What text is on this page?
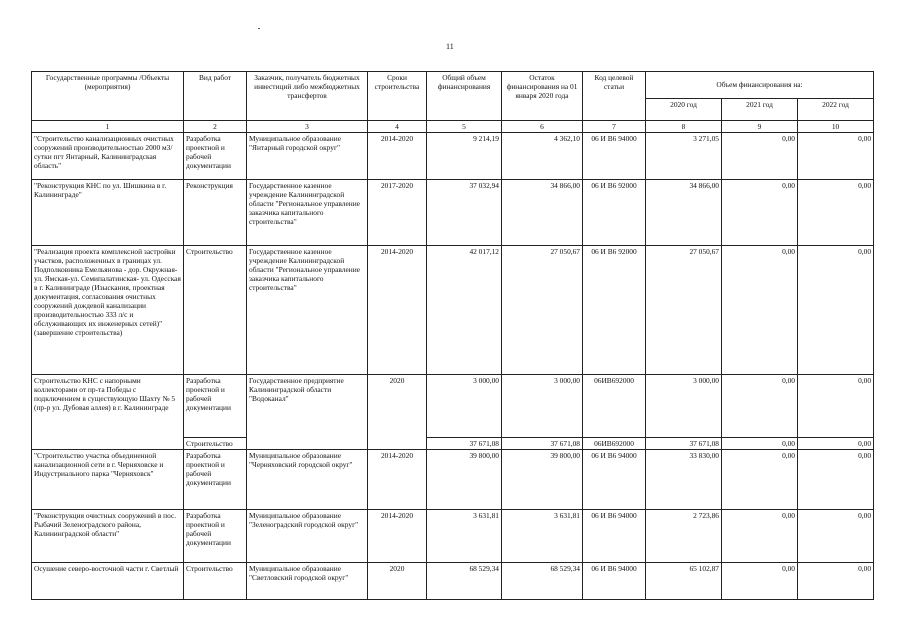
11
Государственные программы /Объекты (мероприятия)	Вид работ	Заказчик, получатель бюджетных инвестиций либо межбюджетных трансфертов	Сроки строительства	Общий объем финансирования	Остаток финансирования на 01 января 2020 года	Код целевой статьи	Объем финансирования на:		
							2020 год	2021 год	2022 год
1	2	3	4	5	6	7	8	9	10
"Строительство канализационных очистных сооружений производительностью 2000 м3/сутки пгт Янтарный, Калининградская область"	Разработка проектной и рабочей документации	Муниципальное образование "Янтарный городской округ"	2014-2020	9 214,19	4 362,10	06 И В6 94000	3 271,05	0,00	0,00
"Реконструкция КНС по ул. Шишкина в г. Калининграде"	Реконструкция	Государственное казенное учреждение Калининградской области "Региональное управление заказчика капитального строительства"	2017-2020	37 032,94	34 866,00	06 И В6 92000	34 866,00	0,00	0,00
"Реализация проекта комплексной застройки участков, расположенных в границах ул. Подполковника Емельянова - дор. Окружная-ул. Ямская-ул. Семипалатинская- ул. Одесская в г. Калининграде (Изыскания, проектная документация, согласования очистных сооружений дождевой канализации производительностью 333 л/с и обслуживающих их инженерных сетей)"(завершение строительства)	Строительство	Государственное казенное учреждение Калининградской области "Региональное управление заказчика капитального строительства"	2014-2020	42 017,12	27 050,67	06 И В6 92000	27 050,67	0,00	0,00
Строительство КНС с напорными коллекторами от пр-та Победы с подключением в существующую Шахту № 5 (пр-р ул. Дубовая аллея) в г. Калининграде	Разработка проектной и рабочей документации	Государственное предприятие Калининградской области "Водоканал"	2020	3 000,00	3 000,00	06ИВ692000	3 000,00	0,00	0,00
	Строительство			37 671,08	37 671,08	06ИВ692000	37 671,08	0,00	0,00
"Строительство участка объединенной канализационной сети в г. Черняховске и Индустриального парка "Черняховск"	Разработка проектной и рабочей документации	Муниципальное образование "Черняховский городской округ"	2014-2020	39 800,00	39 800,00	06 И В6 94000	33 830,00	0,00	0,00
"Реконструкция очистных сооружений в пос. Рыбачий Зеленоградского района, Калининградской области"	Разработка проектной и рабочей документации	Муниципальное образование "Зеленоградский городской округ"	2014-2020	3 631,81	3 631,81	06 И В6 94000	2 723,86	0,00	0,00
Осушение северо-восточной части г. Светлый	Строительство	Муниципальное образование "Светловский городской округ"	2020	68 529,34	68 529,34	06 И В6 94000	65 102,87	0,00	0,00
